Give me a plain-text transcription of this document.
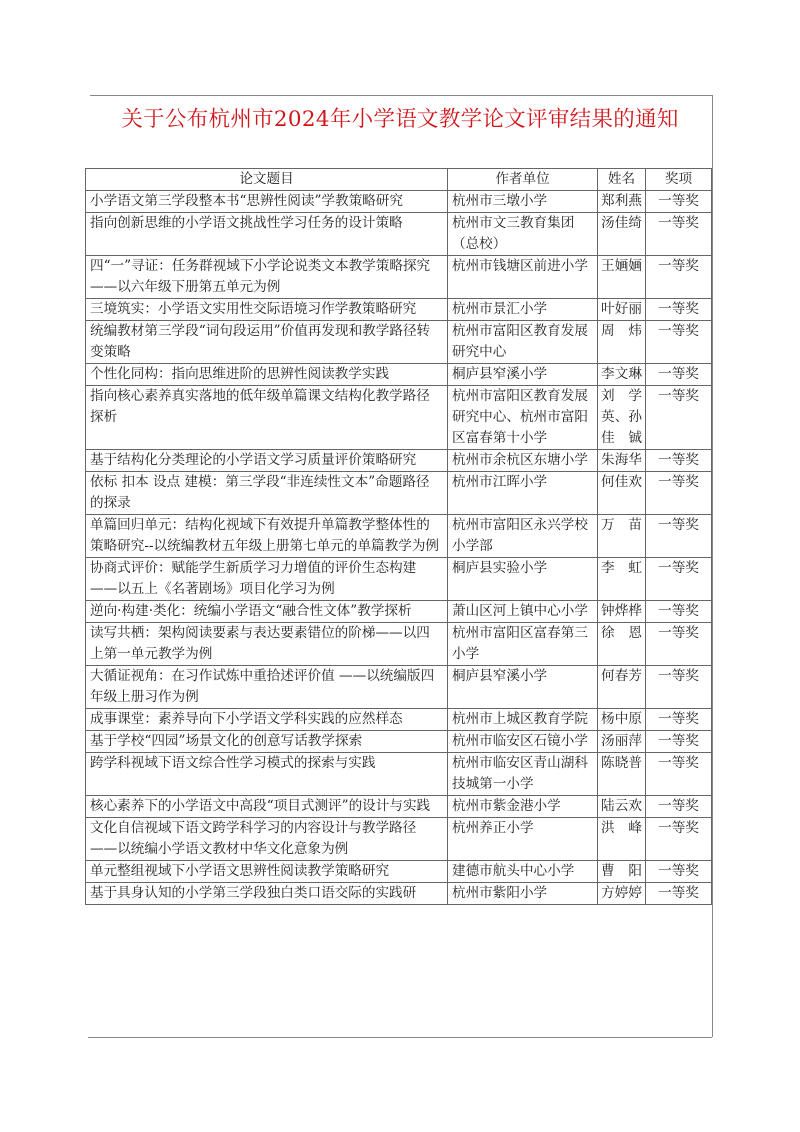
关于公布杭州市2024年小学语文教学论文评审结果的通知
论文题目	作者单位	姓名	奖项
小学语文第三学段整本书“思辨性阅读”学教策略研究	杭州市三墩小学	郑利燕	一等奖
指向创新思维的小学语文挑战性学习任务的设计策略	杭州市文三教育集团（总校）	汤佳绮	一等奖
四“一”寻证：任务群视域下小学论说类文本教学策略探究——以六年级下册第五单元为例	杭州市钱塘区前进小学	王婳婳	一等奖
三境筑实：小学语文实用性交际语境习作学教策略研究	杭州市景汇小学	叶好丽	一等奖
统编教材第三学段“词句段运用”价值再发现和教学路径转变策略	杭州市富阳区教育发展研究中心	周 炜	一等奖
个性化同构：指向思维进阶的思辨性阅读教学实践	桐庐县窄溪小学	李文琳	一等奖
指向核心素养真实落地的低年级单篇课文结构化教学路径探析	杭州市富阳区教育发展研究中心、杭州市富阳区富春第十小学	刘学英、孙佳铖	一等奖
基于结构化分类理论的小学语文学习质量评价策略研究	杭州市余杭区东塘小学	朱海华	一等奖
依标 扣本 设点 建模：第三学段“非连续性文本”命题路径的探录	杭州市江晖小学	何佳欢	一等奖
单篇回归单元：结构化视域下有效提升单篇教学整体性的策略研究--以统编教材五年级上册第七单元的单篇教学为例	杭州市富阳区永兴学校小学部	万 苗	一等奖
协商式评价：赋能学生新质学习力增值的评价生态构建——以五上《名著剧场》项目化学习为例	桐庐县实验小学	李 虹	一等奖
逆向·构建·类化：统编小学语文“融合性文体”教学探析	萧山区河上镇中心小学	钟烨桦	一等奖
读写共栖：架构阅读要素与表达要素错位的阶梯——以四上第一单元教学为例	杭州市富阳区富春第三小学	徐 恩	一等奖
大循证视角：在习作试炼中重拾述评价值 ——以统编版四年级上册习作为例	桐庐县窄溪小学	何春芳	一等奖
成事课堂：素养导向下小学语文学科实践的应然样态	杭州市上城区教育学院	杨中原	一等奖
基于学校“四园”场景文化的创意写话教学探索	杭州市临安区石镜小学	汤丽萍	一等奖
跨学科视域下语文综合性学习模式的探索与实践	杭州市临安区青山湖科技城第一小学	陈晓普	一等奖
核心素养下的小学语文中高段“项目式测评”的设计与实践	杭州市紫金港小学	陆云欢	一等奖
文化自信视域下语文跨学科学习的内容设计与教学路径——以统编小学语文教材中华文化意象为例	杭州养正小学	洪 峰	一等奖
单元整组视域下小学语文思辨性阅读教学策略研究	建德市航头中心小学	曹 阳	一等奖
基于具身认知的小学第三学段独白类口语交际的实践研	杭州市紫阳小学	方婷婷	一等奖
